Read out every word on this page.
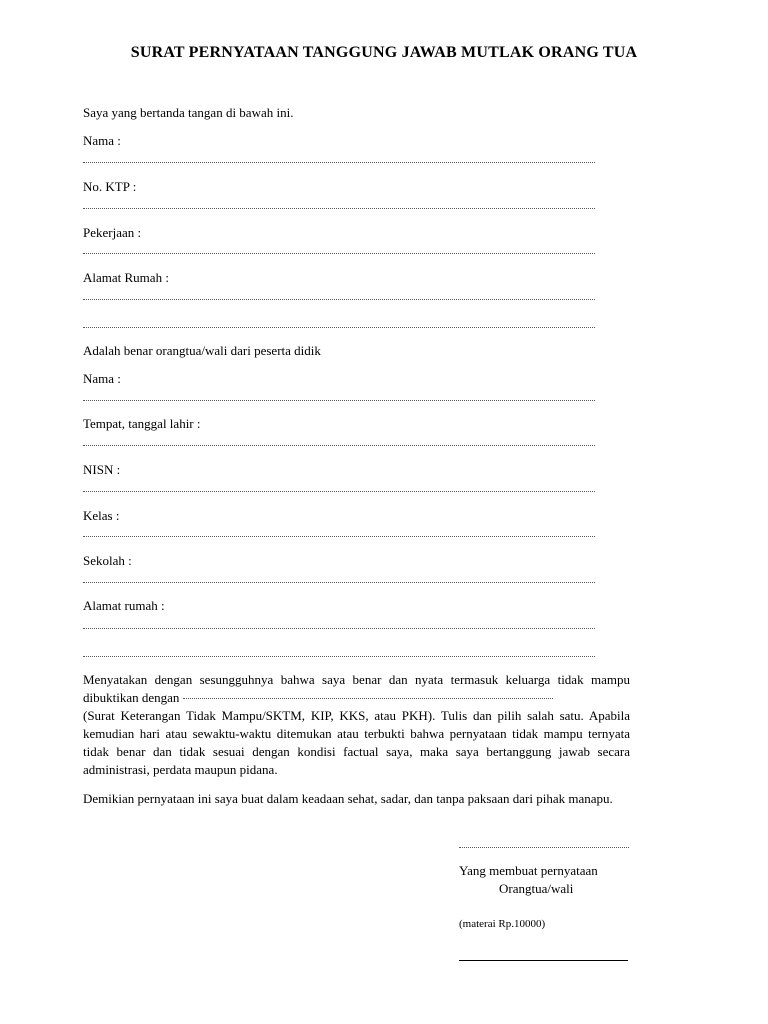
SURAT PERNYATAAN TANGGUNG JAWAB MUTLAK ORANG TUA
Saya yang bertanda tangan di bawah ini.
Nama :
No. KTP :
Pekerjaan :
Alamat Rumah :
Adalah benar orangtua/wali dari peserta didik
Nama :
Tempat, tanggal lahir :
NISN :
Kelas :
Sekolah :
Alamat rumah :
Menyatakan dengan sesungguhnya bahwa saya benar dan nyata termasuk keluarga tidak mampu dibuktikan dengan
(Surat Keterangan Tidak Mampu/SKTM, KIP, KKS, atau PKH). Tulis dan pilih salah satu. Apabila kemudian hari atau sewaktu-waktu ditemukan atau terbukti bahwa pernyataan tidak mampu ternyata tidak benar dan tidak sesuai dengan kondisi factual saya, maka saya bertanggung jawab secara administrasi, perdata maupun pidana.
Demikian pernyataan ini saya buat dalam keadaan sehat, sadar, dan tanpa paksaan dari pihak manapu.
Yang membuat pernyataan
Orangtua/wali
(materai Rp.10000)
